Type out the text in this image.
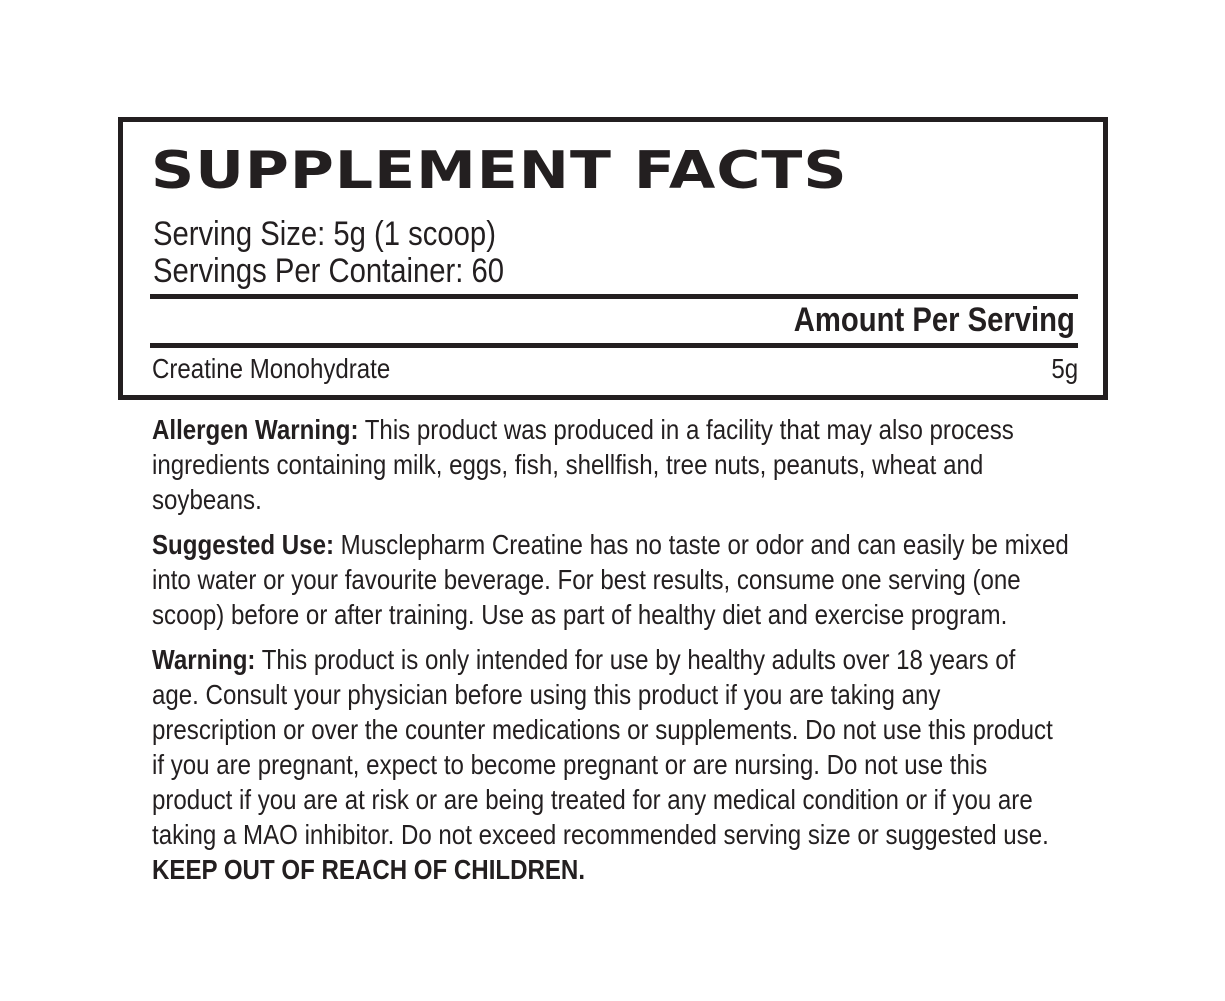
SUPPLEMENT FACTS
Serving Size: 5g (1 scoop)
Servings Per Container: 60
Amount Per Serving
Creatine Monohydrate	5g

Allergen Warning: This product was produced in a facility that may also process
ingredients containing milk, eggs, fish, shellfish, tree nuts, peanuts, wheat and
soybeans.

Suggested Use: Musclepharm Creatine has no taste or odor and can easily be mixed
into water or your favourite beverage. For best results, consume one serving (one
scoop) before or after training. Use as part of healthy diet and exercise program.

Warning: This product is only intended for use by healthy adults over 18 years of
age. Consult your physician before using this product if you are taking any
prescription or over the counter medications or supplements. Do not use this product
if you are pregnant, expect to become pregnant or are nursing. Do not use this
product if you are at risk or are being treated for any medical condition or if you are
taking a MAO inhibitor. Do not exceed recommended serving size or suggested use.
KEEP OUT OF REACH OF CHILDREN.
